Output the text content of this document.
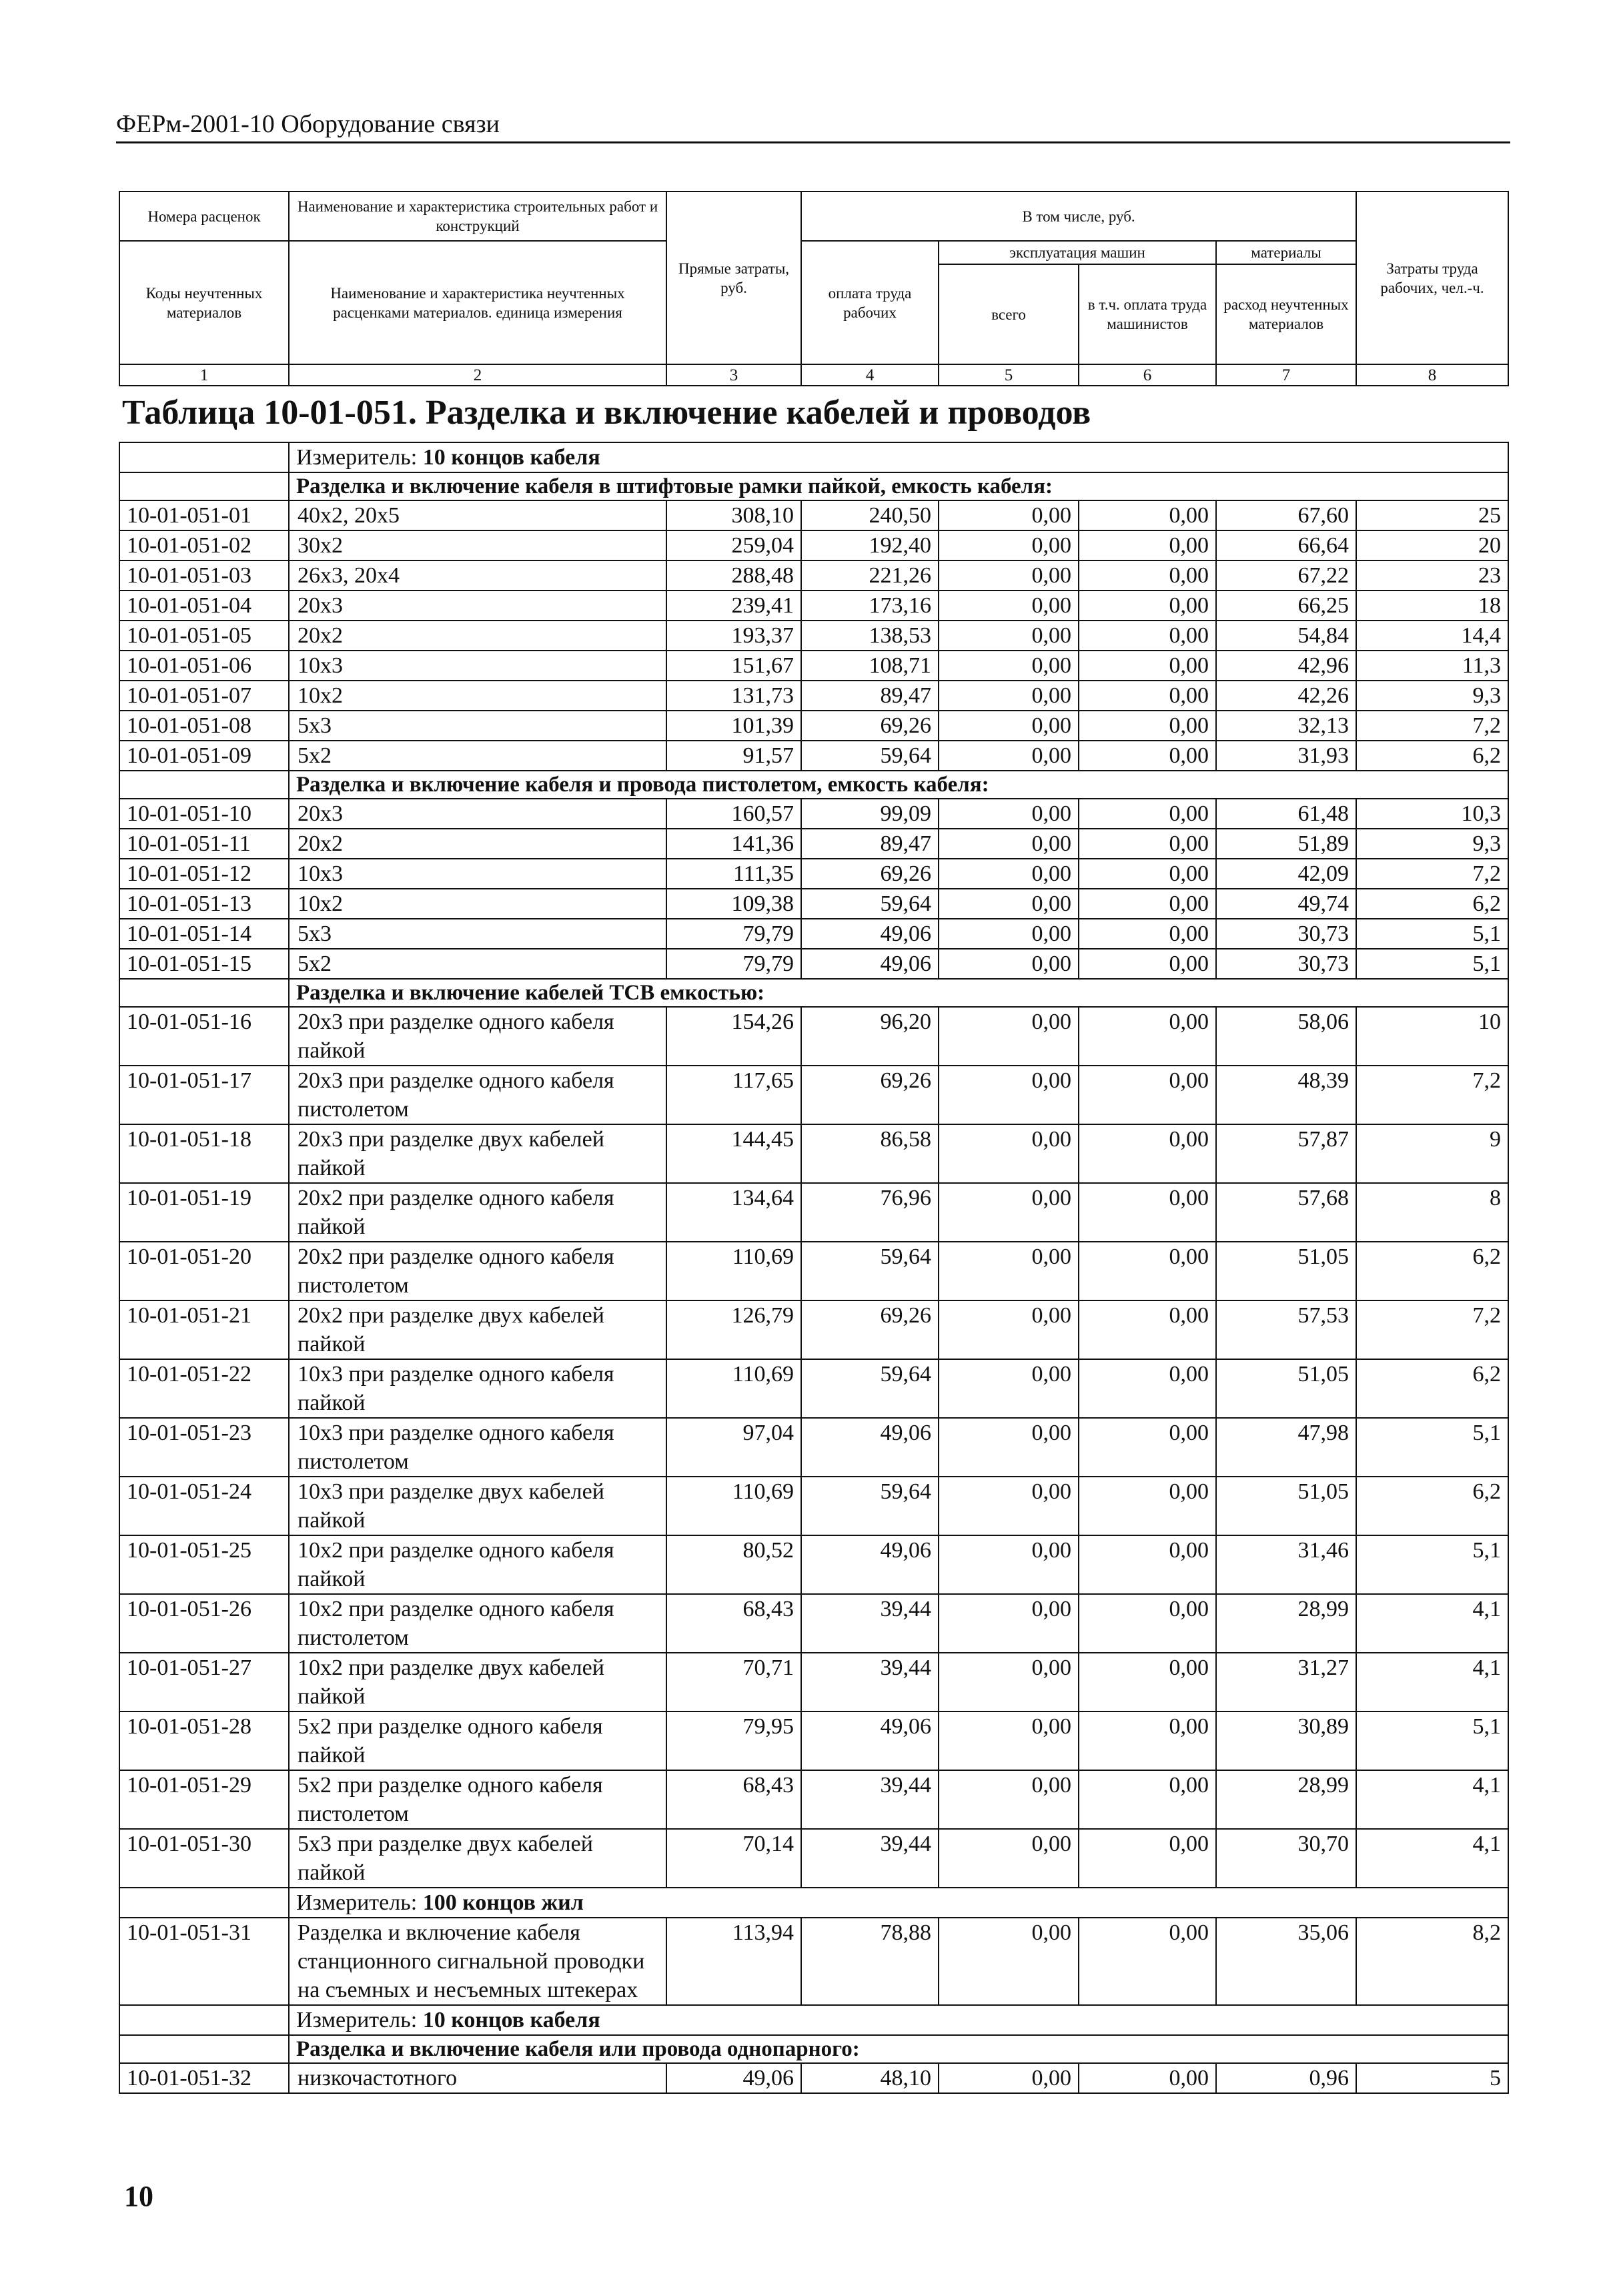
ФЕРм-2001-10 Оборудование связи
Номера расценок	Наименование и характеристика строительных работ и конструкций	Прямые затраты, руб.	В том числе, руб.				Затраты труда рабочих, чел.-ч.
Коды неучтенных материалов	Наименование и характеристика неучтенных расценками материалов. единица измерения		оплата труда рабочих	эксплуатация машин		материалы	
				всего	в т.ч. оплата труда машинистов	расход неучтенных материалов	
1	2	3	4	5	6	7	8
Таблица 10-01-051. Разделка и включение кабелей и проводов							
	Измеритель: 10 концов кабеля						
	Разделка и включение кабеля в штифтовые рамки пайкой, емкость кабеля:						
10-01-051-01	40х2, 20х5	308,10	240,50	0,00	0,00	67,60	25
10-01-051-02	30х2	259,04	192,40	0,00	0,00	66,64	20
10-01-051-03	26х3, 20х4	288,48	221,26	0,00	0,00	67,22	23
10-01-051-04	20х3	239,41	173,16	0,00	0,00	66,25	18
10-01-051-05	20х2	193,37	138,53	0,00	0,00	54,84	14,4
10-01-051-06	10х3	151,67	108,71	0,00	0,00	42,96	11,3
10-01-051-07	10х2	131,73	89,47	0,00	0,00	42,26	9,3
10-01-051-08	5х3	101,39	69,26	0,00	0,00	32,13	7,2
10-01-051-09	5х2	91,57	59,64	0,00	0,00	31,93	6,2
	Разделка и включение кабеля и провода пистолетом, емкость кабеля:						
10-01-051-10	20х3	160,57	99,09	0,00	0,00	61,48	10,3
10-01-051-11	20х2	141,36	89,47	0,00	0,00	51,89	9,3
10-01-051-12	10х3	111,35	69,26	0,00	0,00	42,09	7,2
10-01-051-13	10х2	109,38	59,64	0,00	0,00	49,74	6,2
10-01-051-14	5х3	79,79	49,06	0,00	0,00	30,73	5,1
10-01-051-15	5х2	79,79	49,06	0,00	0,00	30,73	5,1
	Разделка и включение кабелей ТСВ емкостью:						
10-01-051-16	20х3 при разделке одного кабеля пайкой	154,26	96,20	0,00	0,00	58,06	10
10-01-051-17	20х3 при разделке одного кабеля пистолетом	117,65	69,26	0,00	0,00	48,39	7,2
10-01-051-18	20х3 при разделке двух кабелей пайкой	144,45	86,58	0,00	0,00	57,87	9
10-01-051-19	20х2 при разделке одного кабеля пайкой	134,64	76,96	0,00	0,00	57,68	8
10-01-051-20	20х2 при разделке одного кабеля пистолетом	110,69	59,64	0,00	0,00	51,05	6,2
10-01-051-21	20х2 при разделке двух кабелей пайкой	126,79	69,26	0,00	0,00	57,53	7,2
10-01-051-22	10х3 при разделке одного кабеля пайкой	110,69	59,64	0,00	0,00	51,05	6,2
10-01-051-23	10х3 при разделке одного кабеля пистолетом	97,04	49,06	0,00	0,00	47,98	5,1
10-01-051-24	10х3 при разделке двух кабелей пайкой	110,69	59,64	0,00	0,00	51,05	6,2
10-01-051-25	10х2 при разделке одного кабеля пайкой	80,52	49,06	0,00	0,00	31,46	5,1
10-01-051-26	10х2 при разделке одного кабеля пистолетом	68,43	39,44	0,00	0,00	28,99	4,1
10-01-051-27	10х2 при разделке двух кабелей пайкой	70,71	39,44	0,00	0,00	31,27	4,1
10-01-051-28	5х2 при разделке одного кабеля пайкой	79,95	49,06	0,00	0,00	30,89	5,1
10-01-051-29	5х2 при разделке одного кабеля пистолетом	68,43	39,44	0,00	0,00	28,99	4,1
10-01-051-30	5х3 при разделке двух кабелей пайкой	70,14	39,44	0,00	0,00	30,70	4,1
	Измеритель: 100 концов жил						
10-01-051-31	Разделка и включение кабеля станционного сигнальной проводки на съемных и несъемных штекерах	113,94	78,88	0,00	0,00	35,06	8,2
	Измеритель: 10 концов кабеля						
	Разделка и включение кабеля или провода однопарного:						
10-01-051-32	низкочастотного	49,06	48,10	0,00	0,00	0,96	5
10
